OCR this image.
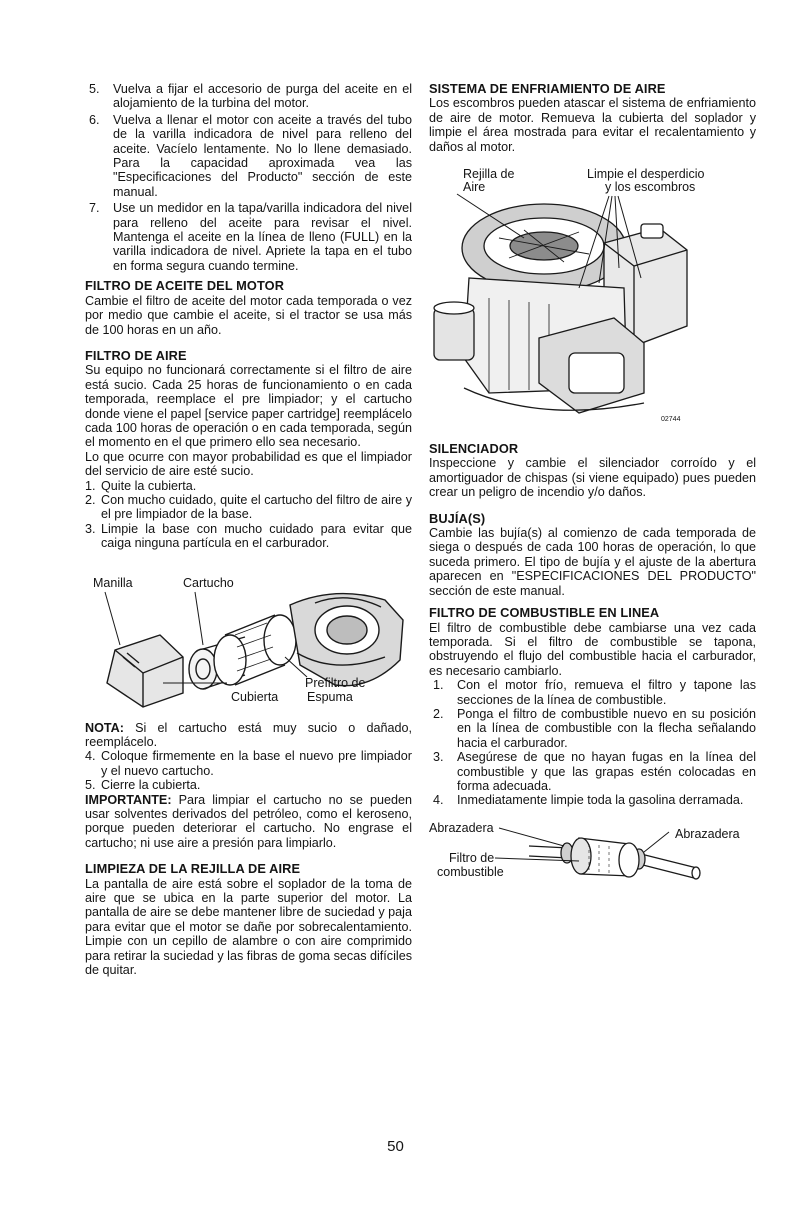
5. Vuelva a fijar el accesorio de purga del aceite en el alojamiento de la turbina del motor.
6. Vuelva a llenar el motor con aceite a través del tubo de la varilla indicadora de nivel para relleno del aceite. Vacíelo lentamente. No lo llene demasiado. Para la capacidad aproximada vea las "Especificaciones del Producto" sección de este manual.
7. Use un medidor en la tapa/varilla indicadora del nivel para relleno del aceite para revisar el nivel. Mantenga el aceite en la línea de lleno (FULL) en la varilla indicadora de nivel. Apriete la tapa en el tubo en forma segura cuando termine.
FILTRO DE ACEITE DEL MOTOR

Cambie el filtro de aceite del motor cada temporada o vez por medio que cambie el aceite, si el tractor se usa más de 100 horas en un año.

FILTRO DE AIRE

Su equipo no funcionará correctamente si el filtro de aire está sucio. Cada 25 horas de funcionamiento o en cada temporada, reemplace el pre limpiador; y el cartucho donde viene el papel [service paper cartridge] reemplácelo cada 100 horas de operación o en cada temporada, según el momento en el que primero ello sea necesario.

Lo que ocurre con mayor probabilidad es que el limpiador del servicio de aire esté sucio.

1. Quite la cubierta.
2. Con mucho cuidado, quite el cartucho del filtro de aire y el pre limpiador de la base.
3. Limpie la base con mucho cuidado para evitar que caiga ninguna partícula en el carburador.
Manilla	Cartucho
Prefiltro de
Espuma
Cubierta

NOTA: Si el cartucho está muy sucio o dañado, reemplácelo.

4. Coloque firmemente en la base el nuevo pre limpiador y el nuevo cartucho.
5. Cierre la cubierta.

IMPORTANTE: Para limpiar el cartucho no se pueden usar solventes derivados del petróleo, como el keroseno, porque pueden deteriorar el cartucho. No engrase el cartucho; ni use aire a presión para limpiarlo.

LIMPIEZA DE LA REJILLA DE AIRE

La pantalla de aire está sobre el soplador de la toma de aire que se ubica en la parte superior del motor. La pantalla de aire se debe mantener libre de suciedad y paja para evitar que el motor se dañe por sobrecalentamiento. Limpie con un cepillo de alambre o con aire comprimido para retirar la suciedad y las fibras de goma secas difíciles de quitar.

SISTEMA DE ENFRIAMIENTO DE AIRE

Los escombros pueden atascar el sistema de enfriamiento de aire de motor. Remueva la cubierta del soplador y limpie el área mostrada para evitar el recalentamiento y daños al motor.

Rejilla de
Aire
Limpie el desperdicio
y los escombros
02744
SILENCIADOR

Inspeccione y cambie el silenciador corroído y el amortiguador de chispas (si viene equipado) pues pueden crear un peligro de incendio y/o daños.

BUJÍA(S)

Cambie las bujía(s) al comienzo de cada temporada de siega o después de cada 100 horas de operación, lo que suceda primero. El tipo de bujía y el ajuste de la abertura aparecen en "ESPECIFICACIONES DEL PRODUCTO" sección de este manual.

FILTRO DE COMBUSTIBLE EN LINEA

El filtro de combustible debe cambiarse una vez cada temporada. Si el filtro de combustible se tapona, obstruyendo el flujo del combustible hacia el carburador, es necesario cambiarlo.

1. Con el motor frío, remueva el filtro y tapone las secciones de la línea de combustible.
2. Ponga el filtro de combustible nuevo en su posición en la línea de combustible con la flecha señalando hacia el carburador.
3. Asegúrese de que no hayan fugas en la línea del combustible y que las grapas estén colocadas en forma adecuada.
4. Inmediatamente limpie toda la gasolina derramada.
Abrazadera	Abrazadera
Filtro de
combustible
50
